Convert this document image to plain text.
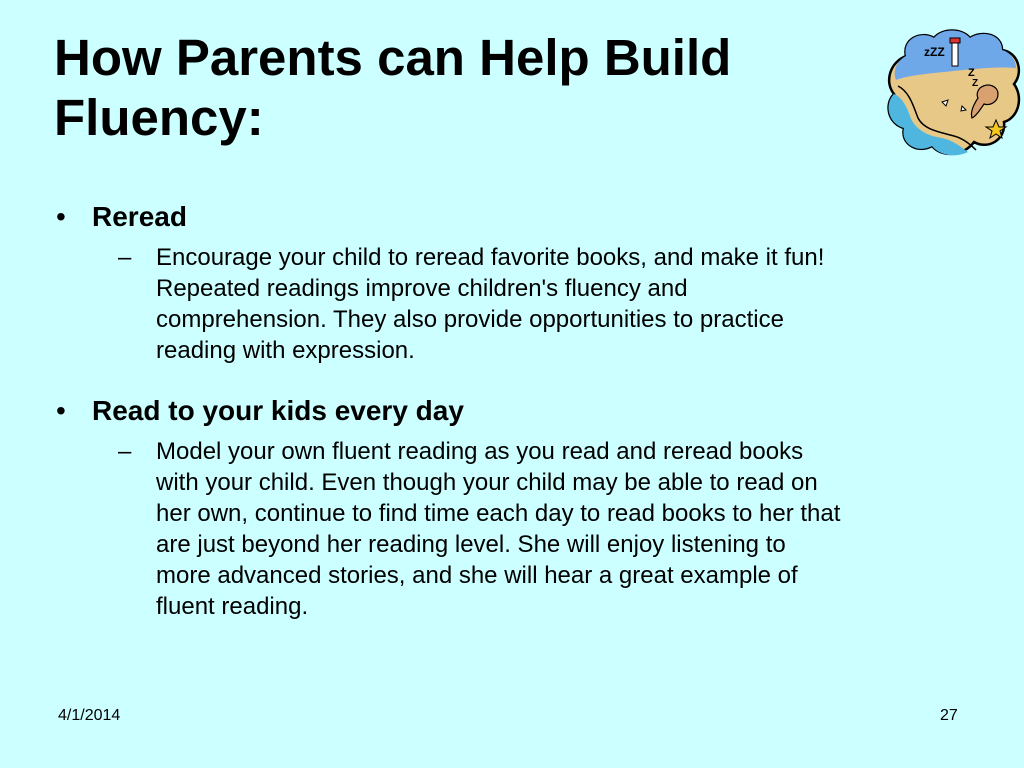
How Parents can Help Build
Fluency:
zZZ
Z
Z
• Reread
– Encourage your child to reread favorite books, and make it fun!
Repeated readings improve children's fluency and
comprehension. They also provide opportunities to practice
reading with expression.
• Read to your kids every day
– Model your own fluent reading as you read and reread books
with your child. Even though your child may be able to read on
her own, continue to find time each day to read books to her that
are just beyond her reading level. She will enjoy listening to
more advanced stories, and she will hear a great example of
fluent reading.
4/1/2014	27
